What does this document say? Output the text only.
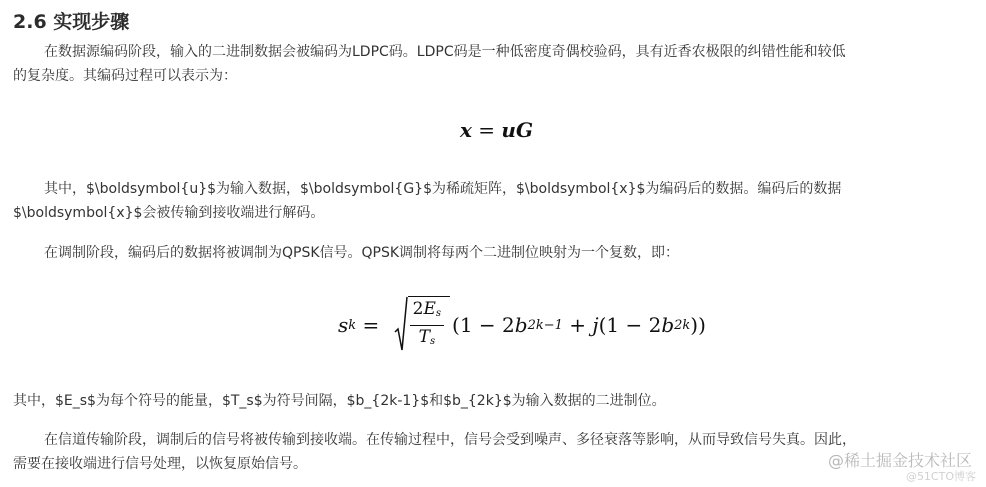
2.6 实现步骤

在数据源编码阶段，输入的二进制数据会被编码为LDPC码。LDPC码是一种低密度奇偶校验码，具有近香农极限的纠错性能和较低
的复杂度。其编码过程可以表示为：

x = uG

其中，$\boldsymbol{u}$为输入数据，$\boldsymbol{G}$为稀疏矩阵，$\boldsymbol{x}$为编码后的数据。编码后的数据
$\boldsymbol{x}$会被传输到接收端进行解码。

在调制阶段，编码后的数据将被调制为QPSK信号。QPSK调制将每两个二进制位映射为一个复数，即：

s $k = \frac{2Es}{Ts} (1 - 2$ b 2k−1 + j (1 − 2 b 2k ))

其中，$E_s$为每个符号的能量，$T_s$为符号间隔，$b_{2k-1}$和$b_{2k}$为输入数据的二进制位。

在信道传输阶段，调制后的信号将被传输到接收端。在传输过程中，信号会受到噪声、多径衰落等影响，从而导致信号失真。因此，
需要在接收端进行信号处理，以恢复原始信号。	@稀土掘金技术社区
@51CTO博客
